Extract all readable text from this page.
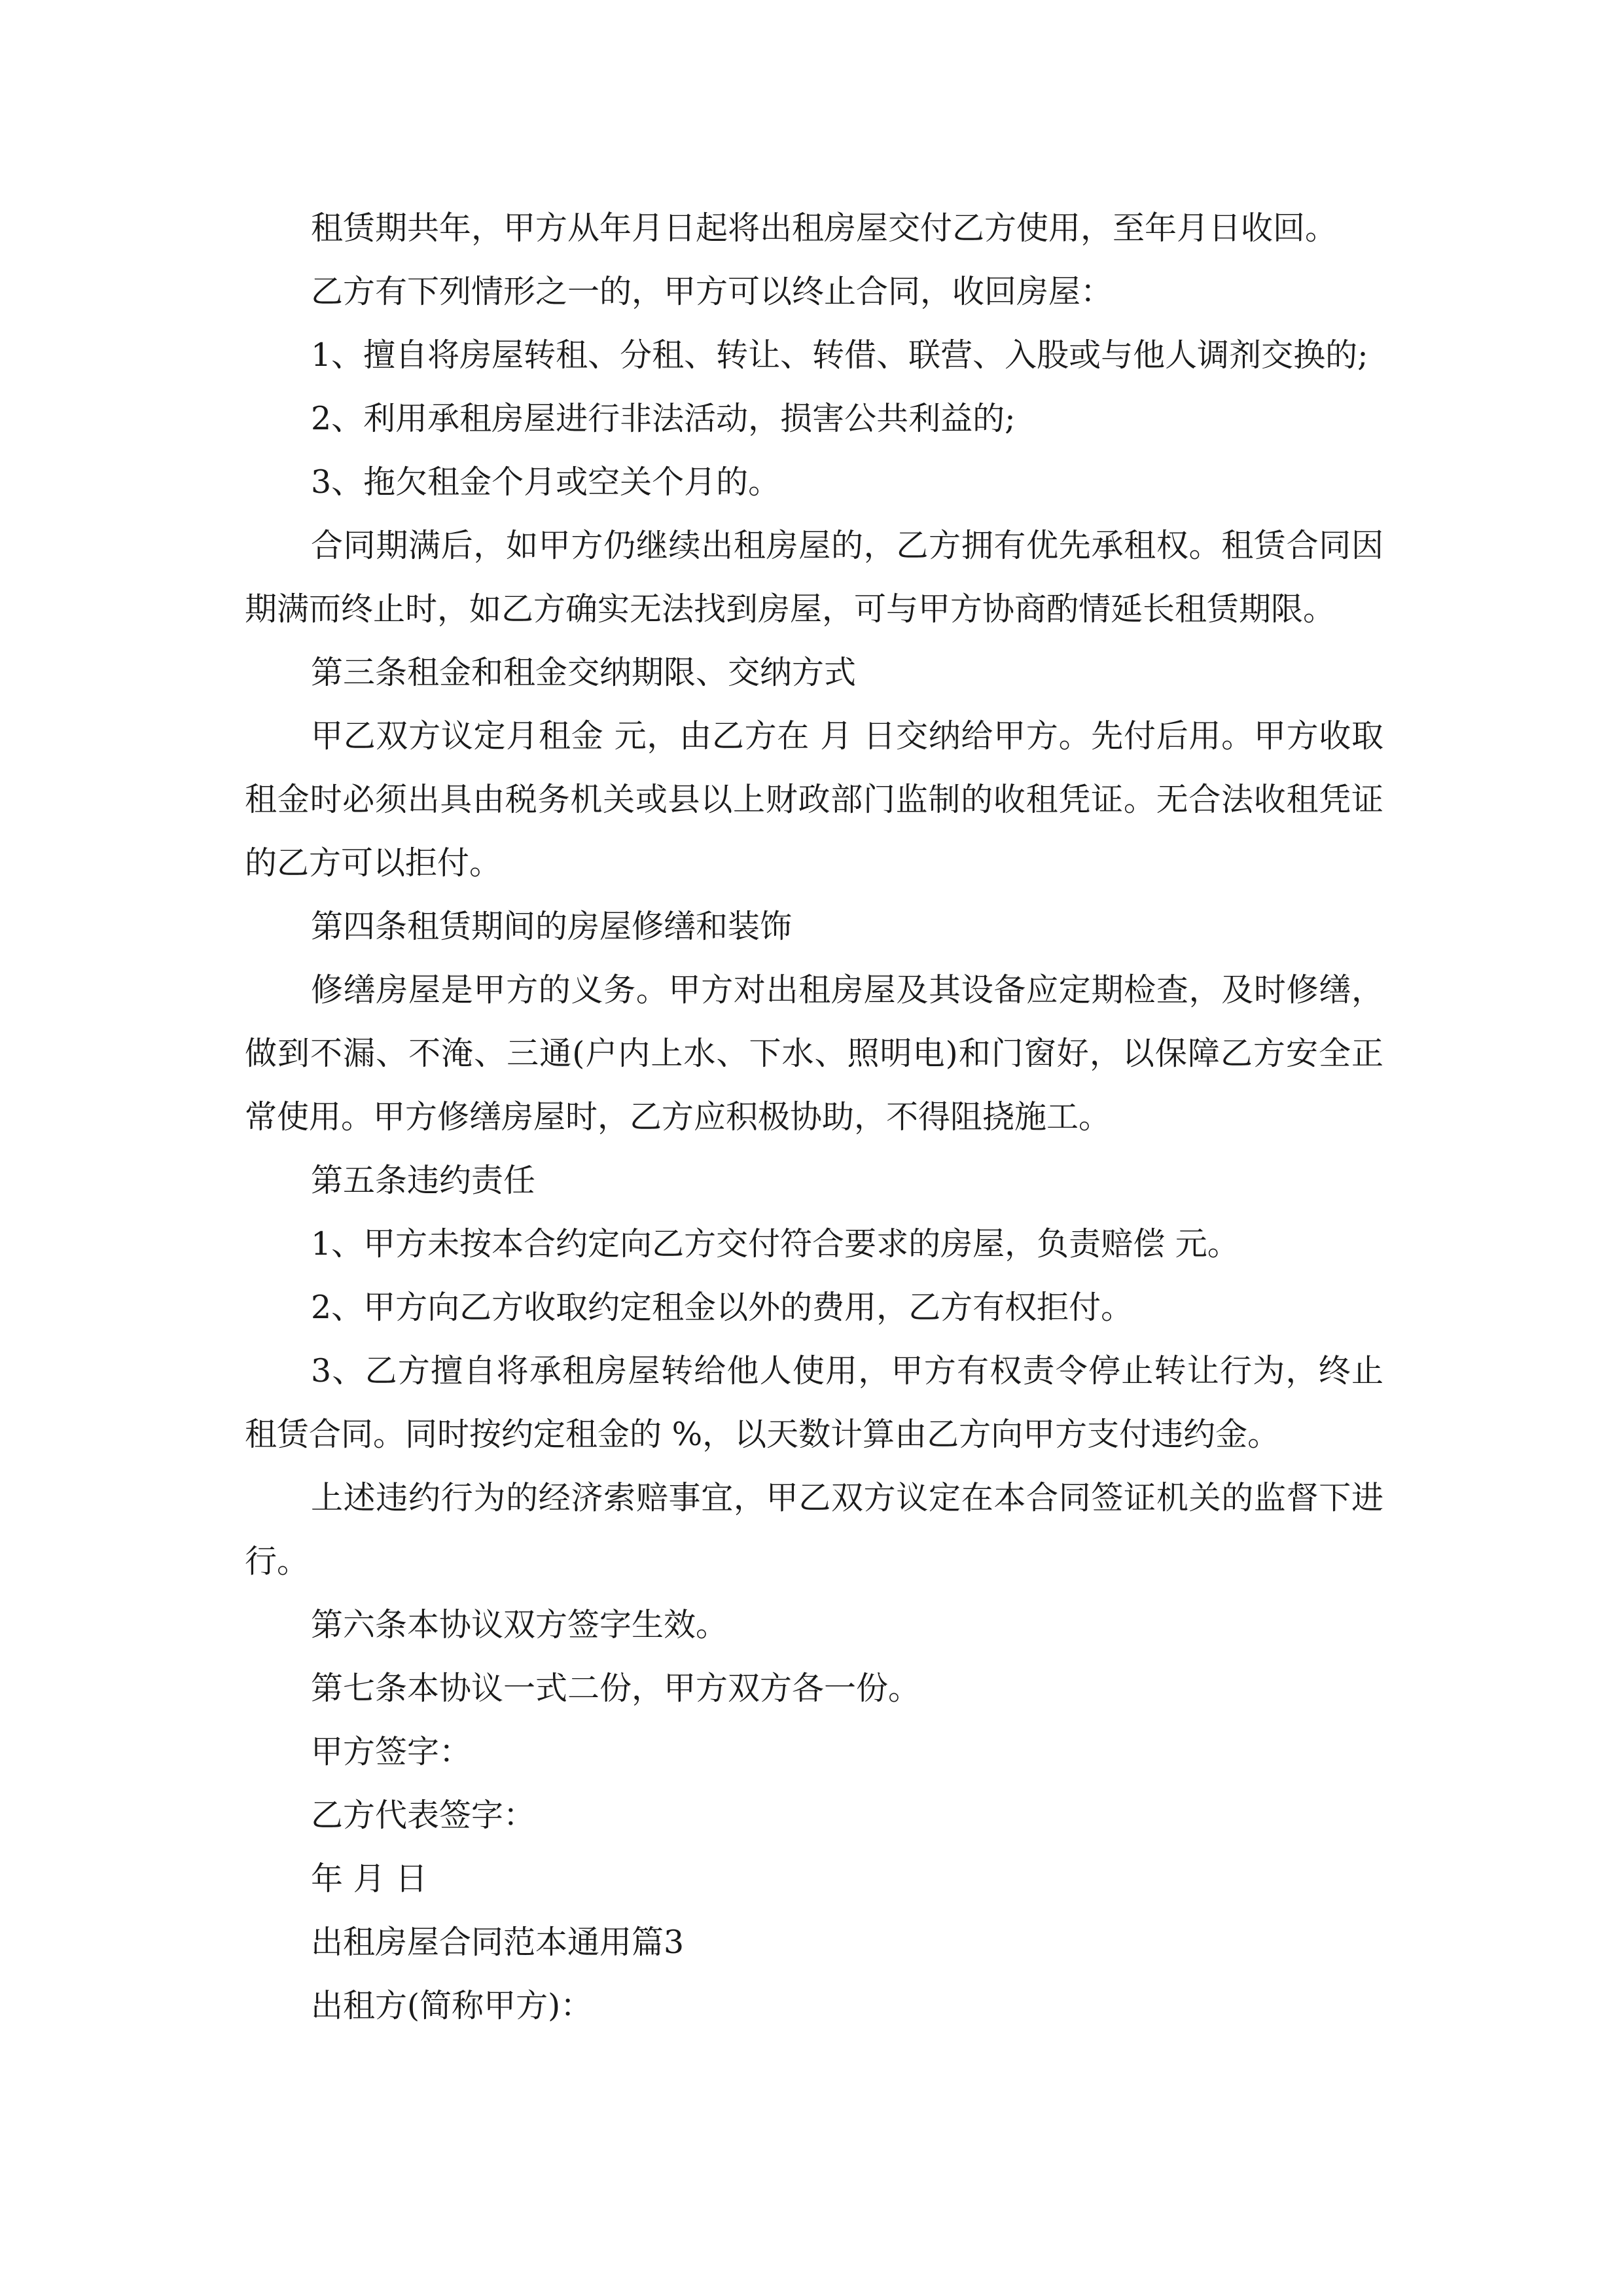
租赁期共年，甲方从年月日起将出租房屋交付乙方使用，至年月日收回。

乙方有下列情形之一的，甲方可以终止合同，收回房屋：

1、擅自将房屋转租、分租、转让、转借、联营、入股或与他人调剂交换的;

2、利用承租房屋进行非法活动，损害公共利益的;

3、拖欠租金个月或空关个月的。

合同期满后，如甲方仍继续出租房屋的，乙方拥有优先承租权。租赁合同因期满而终止时，如乙方确实无法找到房屋，可与甲方协商酌情延长租赁期限。

第三条租金和租金交纳期限、交纳方式

甲乙双方议定月租金 元，由乙方在 月 日交纳给甲方。先付后用。甲方收取租金时必须出具由税务机关或县以上财政部门监制的收租凭证。无合法收租凭证的乙方可以拒付。

第四条租赁期间的房屋修缮和装饰

修缮房屋是甲方的义务。甲方对出租房屋及其设备应定期检查，及时修缮，做到不漏、不淹、三通(户内上水、下水、照明电)和门窗好，以保障乙方安全正常使用。甲方修缮房屋时，乙方应积极协助，不得阻挠施工。

第五条违约责任

1、甲方未按本合约定向乙方交付符合要求的房屋，负责赔偿 元。

2、甲方向乙方收取约定租金以外的费用，乙方有权拒付。

3、乙方擅自将承租房屋转给他人使用，甲方有权责令停止转让行为，终止租赁合同。同时按约定租金的 %，以天数计算由乙方向甲方支付违约金。

上述违约行为的经济索赔事宜，甲乙双方议定在本合同签证机关的监督下进行。

第六条本协议双方签字生效。

第七条本协议一式二份，甲方双方各一份。

甲方签字：

乙方代表签字：

年 月 日

出租房屋合同范本通用篇3

出租方(简称甲方)：
